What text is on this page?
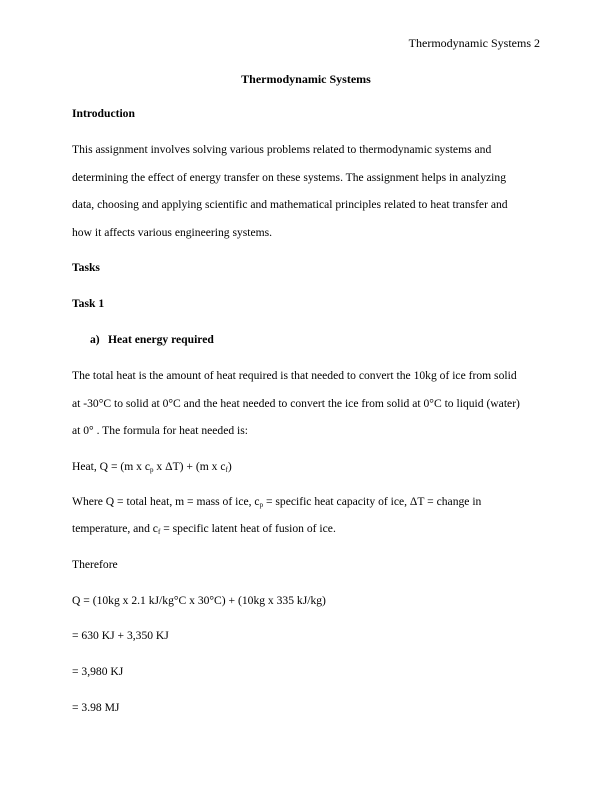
Thermodynamic Systems 2
Thermodynamic Systems
Introduction
This assignment involves solving various problems related to thermodynamic systems and
determining the effect of energy transfer on these systems. The assignment helps in analyzing
data, choosing and applying scientific and mathematical principles related to heat transfer and
how it affects various engineering systems.
Tasks
Task 1
a) Heat energy required
The total heat is the amount of heat required is that needed to convert the 10kg of ice from solid
at -30°C to solid at 0°C and the heat needed to convert the ice from solid at 0°C to liquid (water)
at 0° . The formula for heat needed is:
Heat, Q = (m x $c_p$ x ΔT) + (m x $c_f$)
Where Q = total heat, m = mass of ice, $c_p$ = specific heat capacity of ice, ΔT = change in
temperature, and $c_f$ = specific latent heat of fusion of ice.
Therefore
Q = (10kg x 2.1 kJ/kg°C x 30°C) + (10kg x 335 kJ/kg)
= 630 KJ + 3,350 KJ
= 3,980 KJ
= 3.98 MJ
